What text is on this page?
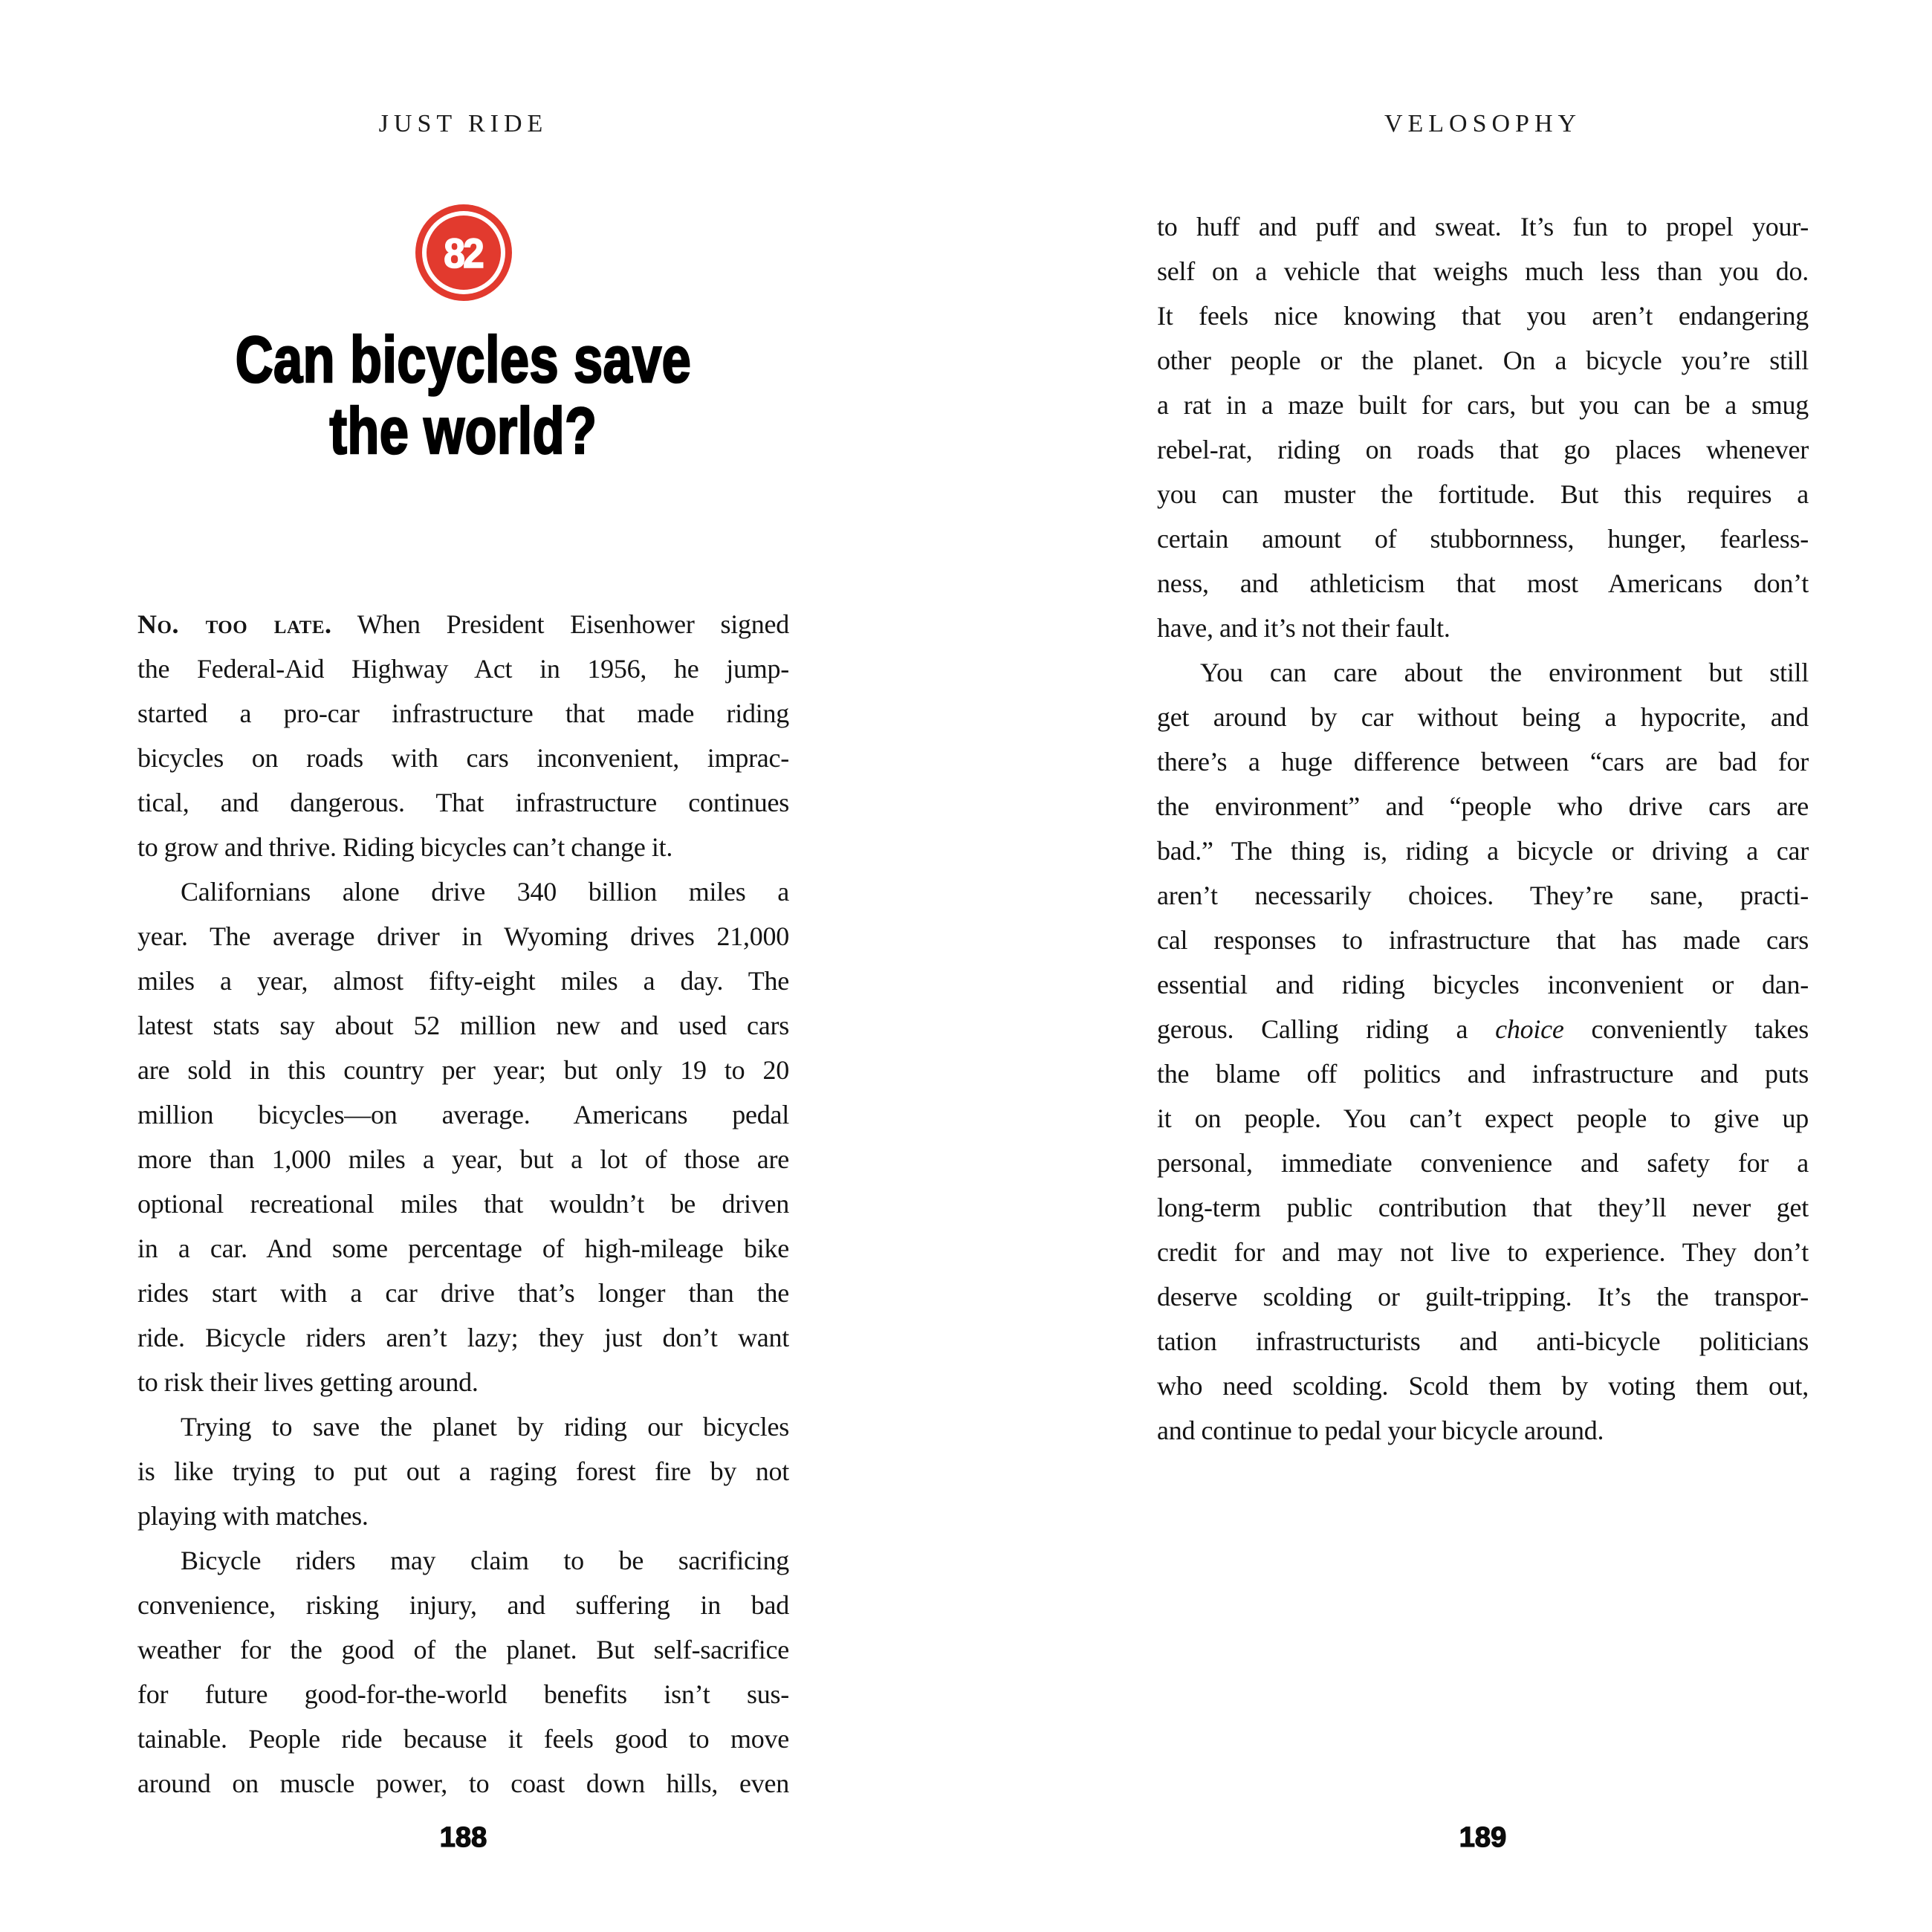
JUST RIDE
82
Can bicycles save
the world?
No. too late. When President Eisenhower signed
the Federal-Aid Highway Act in 1956, he jump-
started a pro-car infrastructure that made riding
bicycles on roads with cars inconvenient, imprac-
tical, and dangerous. That infrastructure continues
to grow and thrive. Riding bicycles can’t change it.
Californians alone drive 340 billion miles a
year. The average driver in Wyoming drives 21,000
miles a year, almost fifty-eight miles a day. The
latest stats say about 52 million new and used cars
are sold in this country per year; but only 19 to 20
million bicycles—on average. Americans pedal
more than 1,000 miles a year, but a lot of those are
optional recreational miles that wouldn’t be driven
in a car. And some percentage of high-mileage bike
rides start with a car drive that’s longer than the
ride. Bicycle riders aren’t lazy; they just don’t want
to risk their lives getting around.
Trying to save the planet by riding our bicycles
is like trying to put out a raging forest fire by not
playing with matches.
Bicycle riders may claim to be sacrificing
convenience, risking injury, and suffering in bad
weather for the good of the planet. But self-sacrifice
for future good-for-the-world benefits isn’t sus-
tainable. People ride because it feels good to move
around on muscle power, to coast down hills, even
188
VELOSOPHY
to huff and puff and sweat. It’s fun to propel your-
self on a vehicle that weighs much less than you do.
It feels nice knowing that you aren’t endangering
other people or the planet. On a bicycle you’re still
a rat in a maze built for cars, but you can be a smug
rebel-rat, riding on roads that go places whenever
you can muster the fortitude. But this requires a
certain amount of stubbornness, hunger, fearless-
ness, and athleticism that most Americans don’t
have, and it’s not their fault.
You can care about the environment but still
get around by car without being a hypocrite, and
there’s a huge difference between “cars are bad for
the environment” and “people who drive cars are
bad.” The thing is, riding a bicycle or driving a car
aren’t necessarily choices. They’re sane, practi-
cal responses to infrastructure that has made cars
essential and riding bicycles inconvenient or dan-
gerous. Calling riding a choice conveniently takes
the blame off politics and infrastructure and puts
it on people. You can’t expect people to give up
personal, immediate convenience and safety for a
long-term public contribution that they’ll never get
credit for and may not live to experience. They don’t
deserve scolding or guilt-tripping. It’s the transpor-
tation infrastructurists and anti-bicycle politicians
who need scolding. Scold them by voting them out,
and continue to pedal your bicycle around.
189
